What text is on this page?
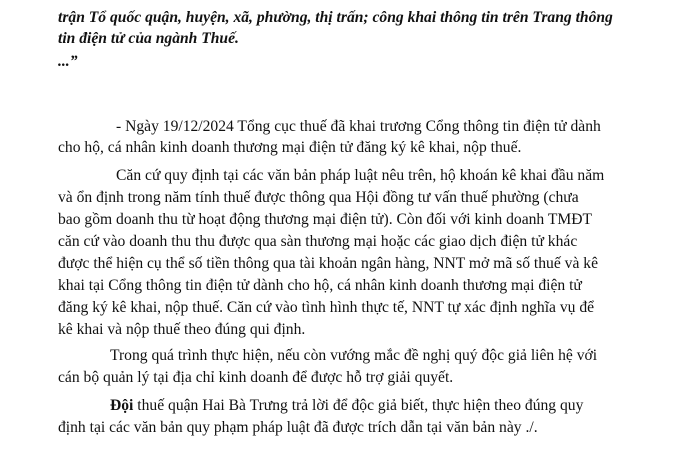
trận Tổ quốc quận, huyện, xã, phường, thị trấn; công khai thông tin trên Trang thông
tin điện tử của ngành Thuế.
...”
- Ngày 19/12/2024 Tổng cục thuế đã khai trương Cổng thông tin điện tử dành
cho hộ, cá nhân kinh doanh thương mại điện tử đăng ký kê khai, nộp thuế.
Căn cứ quy định tại các văn bản pháp luật nêu trên, hộ khoán kê khai đầu năm
và ổn định trong năm tính thuế được thông qua Hội đồng tư vấn thuế phường (chưa
bao gồm doanh thu từ hoạt động thương mại điện tử). Còn đối với kinh doanh TMĐT
căn cứ vào doanh thu thu được qua sàn thương mại hoặc các giao dịch điện tử khác
được thể hiện cụ thể số tiền thông qua tài khoản ngân hàng, NNT mở mã số thuế và kê
khai tại Cổng thông tin điện tử dành cho hộ, cá nhân kinh doanh thương mại điện tử
đăng ký kê khai, nộp thuế. Căn cứ vào tình hình thực tế, NNT tự xác định nghĩa vụ để
kê khai và nộp thuế theo đúng qui định.
Trong quá trình thực hiện, nếu còn vướng mắc đề nghị quý độc giả liên hệ với
cán bộ quản lý tại địa chỉ kinh doanh để được hỗ trợ giải quyết.
Đội thuế quận Hai Bà Trưng trả lời để độc giả biết, thực hiện theo đúng quy
định tại các văn bản quy phạm pháp luật đã được trích dẫn tại văn bản này ./.
